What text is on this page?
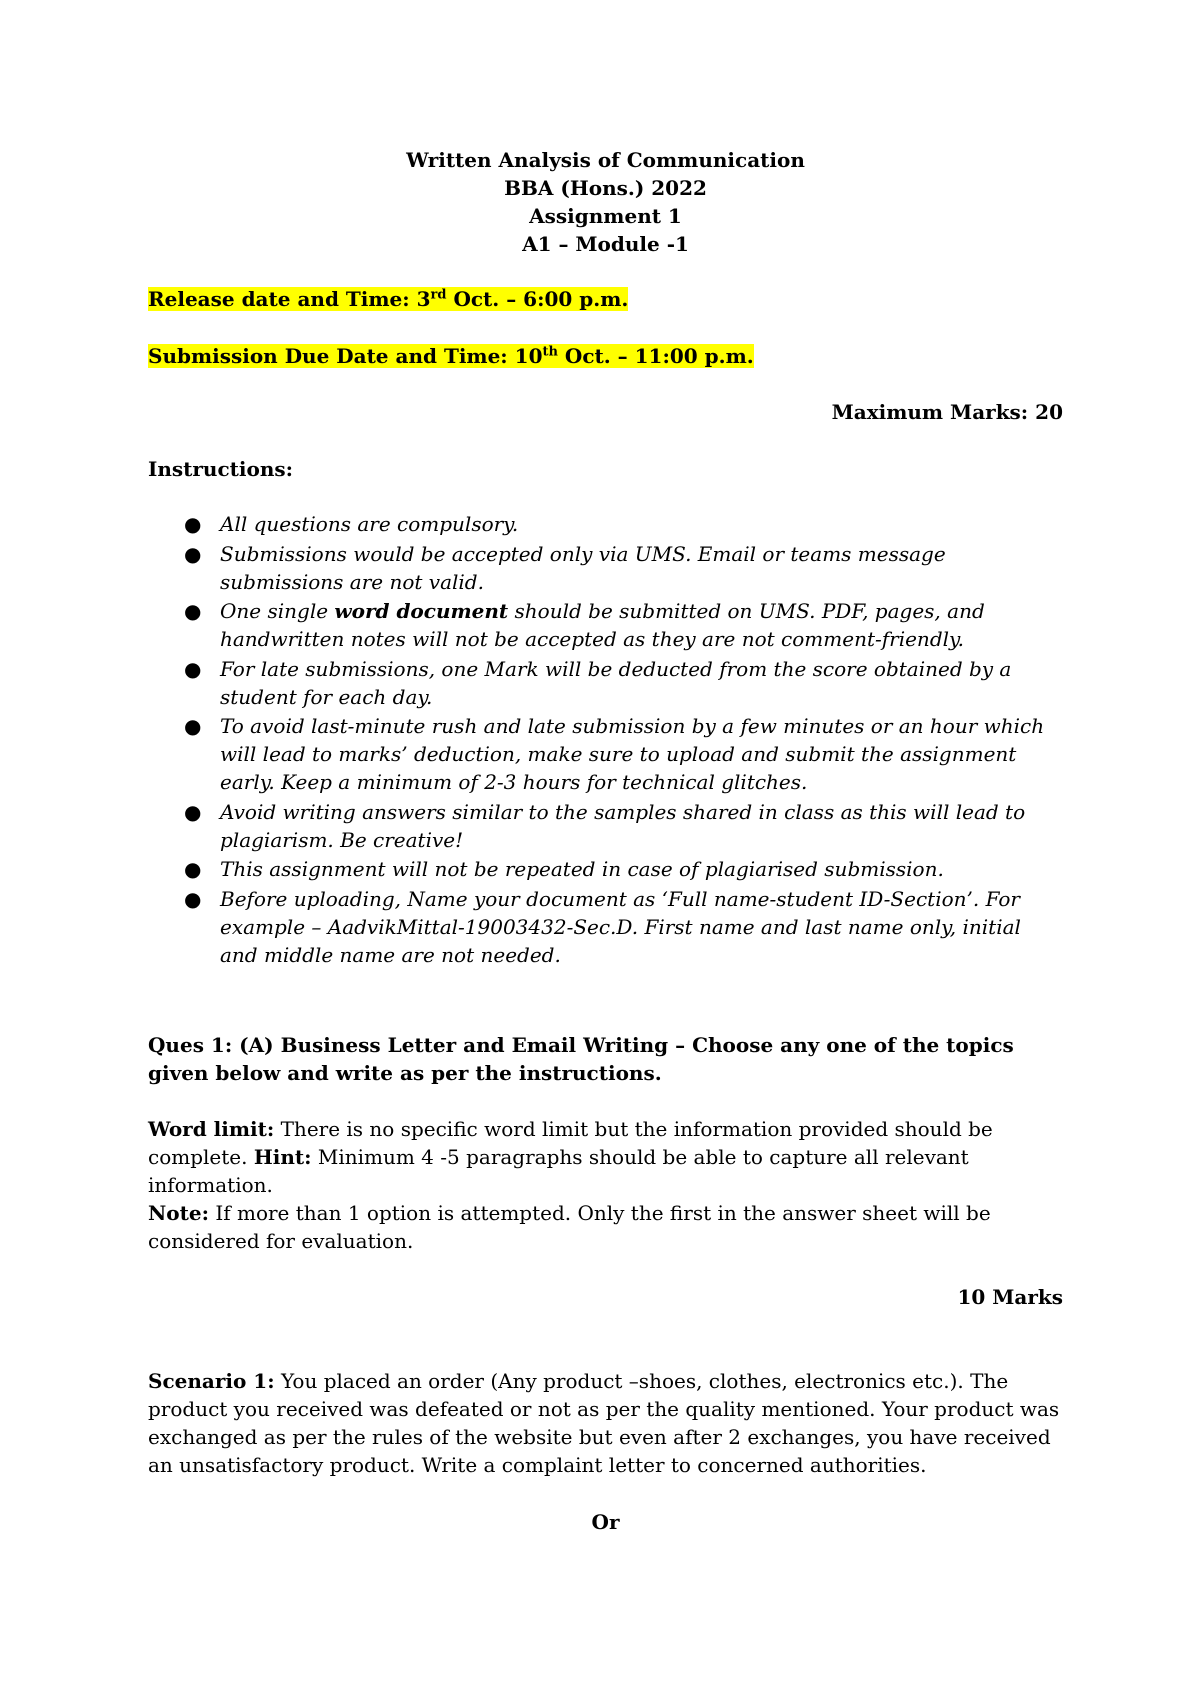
Written Analysis of Communication
BBA (Hons.) 2022
Assignment 1
A1 – Module -1
Release date and Time: 3rd Oct. – 6:00 p.m.
Submission Due Date and Time: 10th Oct. – 11:00 p.m.
Maximum Marks: 20
Instructions:
● All questions are compulsory.
● Submissions would be accepted only via UMS. Email or teams message submissions are not valid.
● One single word document should be submitted on UMS. PDF, pages, and handwritten notes will not be accepted as they are not comment-friendly.
● For late submissions, one Mark will be deducted from the score obtained by a student for each day.
● To avoid last-minute rush and late submission by a few minutes or an hour which will lead to marks’ deduction, make sure to upload and submit the assignment early. Keep a minimum of 2-3 hours for technical glitches.
● Avoid writing answers similar to the samples shared in class as this will lead to plagiarism. Be creative!
● This assignment will not be repeated in case of plagiarised submission.
● Before uploading, Name your document as ‘Full name-student ID-Section’. For example – AadvikMittal-19003432-Sec.D. First name and last name only, initial and middle name are not needed.
Ques 1: (A) Business Letter and Email Writing – Choose any one of the topics given below and write as per the instructions.
Word limit: There is no specific word limit but the information provided should be complete. Hint: Minimum 4 -5 paragraphs should be able to capture all relevant information.
Note: If more than 1 option is attempted. Only the first in the answer sheet will be considered for evaluation.
10 Marks
Scenario 1: You placed an order (Any product –shoes, clothes, electronics etc.). The product you received was defeated or not as per the quality mentioned. Your product was exchanged as per the rules of the website but even after 2 exchanges, you have received an unsatisfactory product. Write a complaint letter to concerned authorities.
Or
